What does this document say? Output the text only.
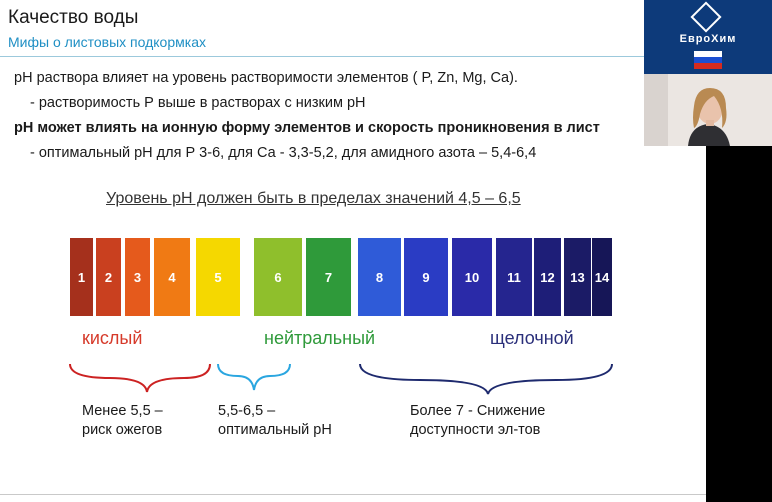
Качество воды
Мифы о листовых подкормках
pH раствора влияет на уровень растворимости элементов ( P, Zn, Mg, Ca).
- растворимость Р выше в растворах с низким рН
рН может влиять на ионную форму элементов и скорость проникновения в лист
- оптимальный рН для Р 3-6, для Са - 3,3-5,2, для амидного азота – 5,4-6,4
Уровень рН должен быть в пределах значений 4,5 – 6,5
1	2	3	4	5	6	7	8	9	10	11	12	13 14
кислый	нейтральный	щелочной
Менее 5,5 –
риск ожегов
5,5-6,5 –
оптимальный рН
Более 7 - Снижение
доступности эл-тов
ЕвроХим
